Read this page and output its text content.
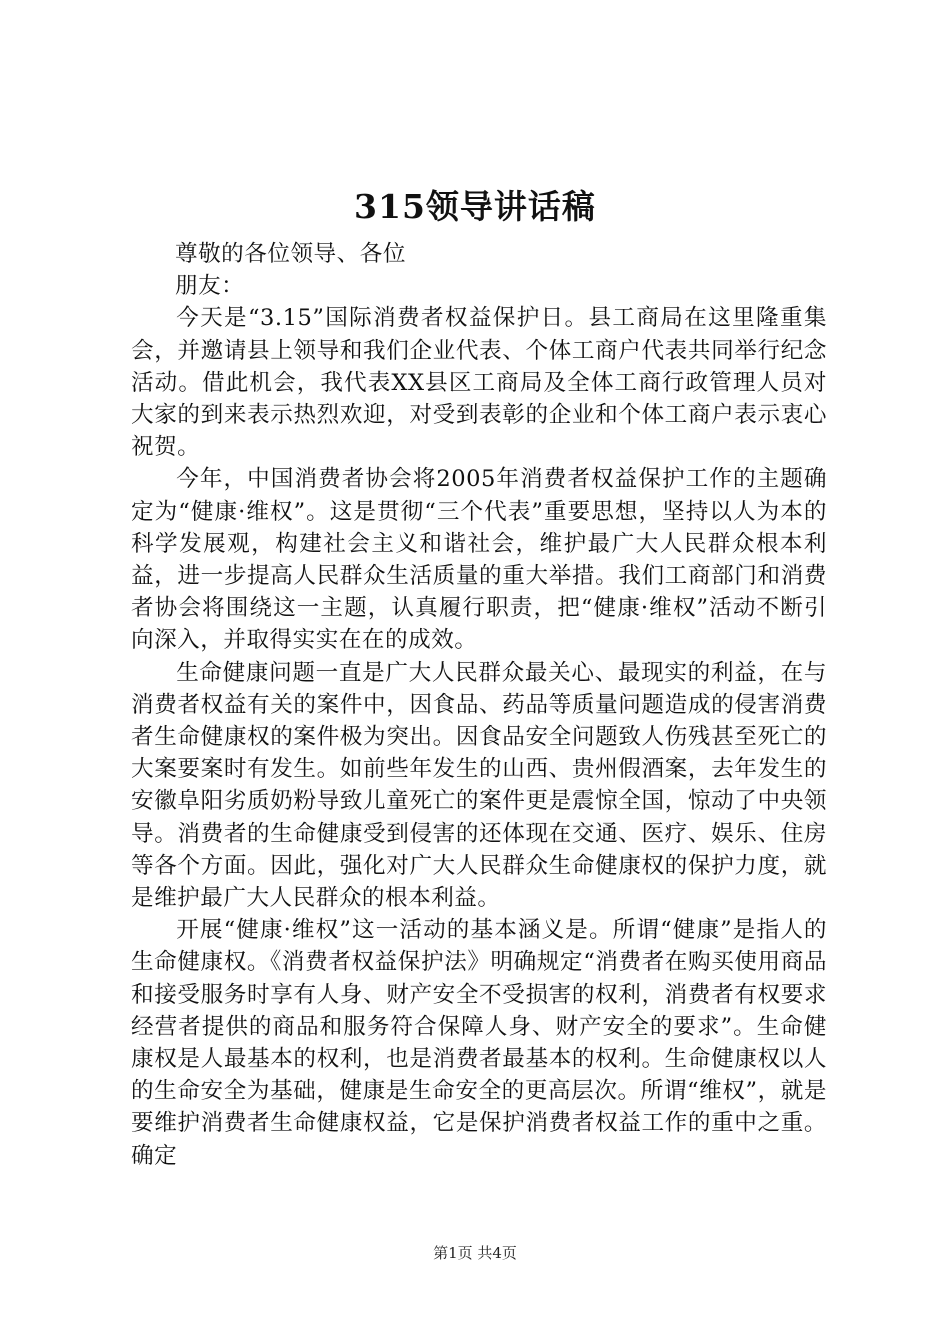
315领导讲话稿

尊敬的各位领导、各位

朋友：

今天是“3.15”国际消费者权益保护日。县工商局在这里隆重集会，并邀请县上领导和我们企业代表、个体工商户代表共同举行纪念活动。借此机会，我代表XX县区工商局及全体工商行政管理人员对大家的到来表示热烈欢迎，对受到表彰的企业和个体工商户表示衷心祝贺。

今年，中国消费者协会将2005年消费者权益保护工作的主题确定为“健康·维权”。这是贯彻“三个代表”重要思想，坚持以人为本的科学发展观，构建社会主义和谐社会，维护最广大人民群众根本利益，进一步提高人民群众生活质量的重大举措。我们工商部门和消费者协会将围绕这一主题，认真履行职责，把“健康·维权”活动不断引向深入，并取得实实在在的成效。

生命健康问题一直是广大人民群众最关心、最现实的利益，在与消费者权益有关的案件中，因食品、药品等质量问题造成的侵害消费者生命健康权的案件极为突出。因食品安全问题致人伤残甚至死亡的大案要案时有发生。如前些年发生的山西、贵州假酒案，去年发生的安徽阜阳劣质奶粉导致儿童死亡的案件更是震惊全国，惊动了中央领导。消费者的生命健康受到侵害的还体现在交通、医疗、娱乐、住房等各个方面。因此，强化对广大人民群众生命健康权的保护力度，就是维护最广大人民群众的根本利益。

开展“健康·维权”这一活动的基本涵义是。所谓“健康”是指人的生命健康权。《消费者权益保护法》明确规定“消费者在购买使用商品和接受服务时享有人身、财产安全不受损害的权利，消费者有权要求经营者提供的商品和服务符合保障人身、财产安全的要求”。生命健康权是人最基本的权利，也是消费者最基本的权利。生命健康权以人的生命安全为基础，健康是生命安全的更高层次。所谓“维权”，就是要维护消费者生命健康权益，它是保护消费者权益工作的重中之重。确定

第1页 共4页
